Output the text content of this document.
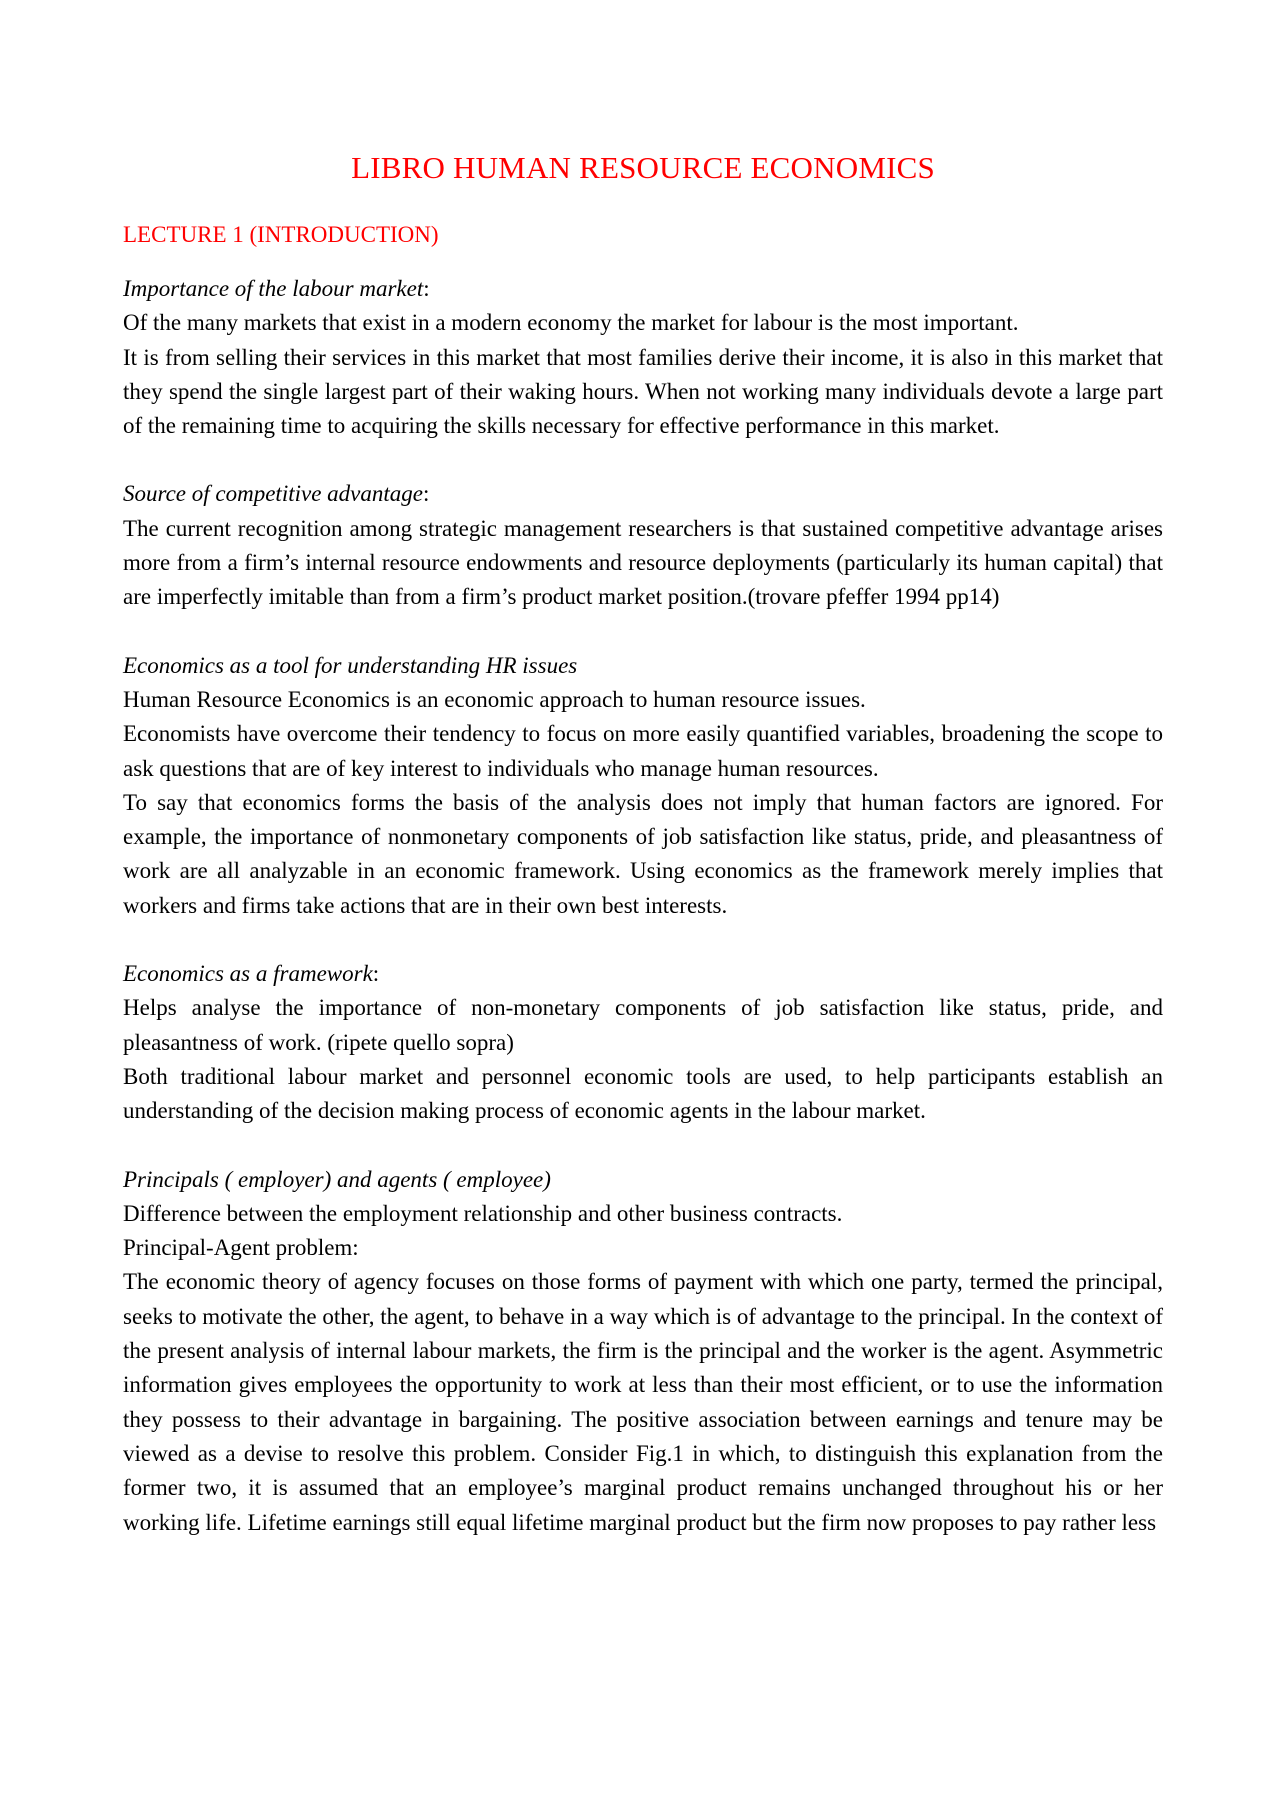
LIBRO HUMAN RESOURCE ECONOMICS
LECTURE 1 (INTRODUCTION)

Importance of the labour market:

Of the many markets that exist in a modern economy the market for labour is the most important.

It is from selling their services in this market that most families derive their income, it is also in this market that they spend the single largest part of their waking hours. When not working many individuals devote a large part of the remaining time to acquiring the skills necessary for effective performance in this market.

Source of competitive advantage:

The current recognition among strategic management researchers is that sustained competitive advantage arises more from a firm’s internal resource endowments and resource deployments (particularly its human capital) that are imperfectly imitable than from a firm’s product market position.(trovare pfeffer 1994 pp14)

Economics as a tool for understanding HR issues

Human Resource Economics is an economic approach to human resource issues.

Economists have overcome their tendency to focus on more easily quantified variables, broadening the scope to ask questions that are of key interest to individuals who manage human resources.

To say that economics forms the basis of the analysis does not imply that human factors are ignored. For example, the importance of nonmonetary components of job satisfaction like status, pride, and pleasantness of work are all analyzable in an economic framework. Using economics as the framework merely implies that workers and firms take actions that are in their own best interests.

Economics as a framework:

Helps analyse the importance of non-monetary components of job satisfaction like status, pride, and pleasantness of work. (ripete quello sopra)

Both traditional labour market and personnel economic tools are used, to help participants establish an understanding of the decision making process of economic agents in the labour market.

Principals ( employer) and agents ( employee)

Difference between the employment relationship and other business contracts.

Principal-Agent problem:

The economic theory of agency focuses on those forms of payment with which one party, termed the principal, seeks to motivate the other, the agent, to behave in a way which is of advantage to the principal. In the context of the present analysis of internal labour markets, the firm is the principal and the worker is the agent. Asymmetric information gives employees the opportunity to work at less than their most efficient, or to use the information they possess to their advantage in bargaining. The positive association between earnings and tenure may be viewed as a devise to resolve this problem. Consider Fig.1 in which, to distinguish this explanation from the former two, it is assumed that an employee’s marginal product remains unchanged throughout his or her working life. Lifetime earnings still equal lifetime marginal product but the firm now proposes to pay rather less
